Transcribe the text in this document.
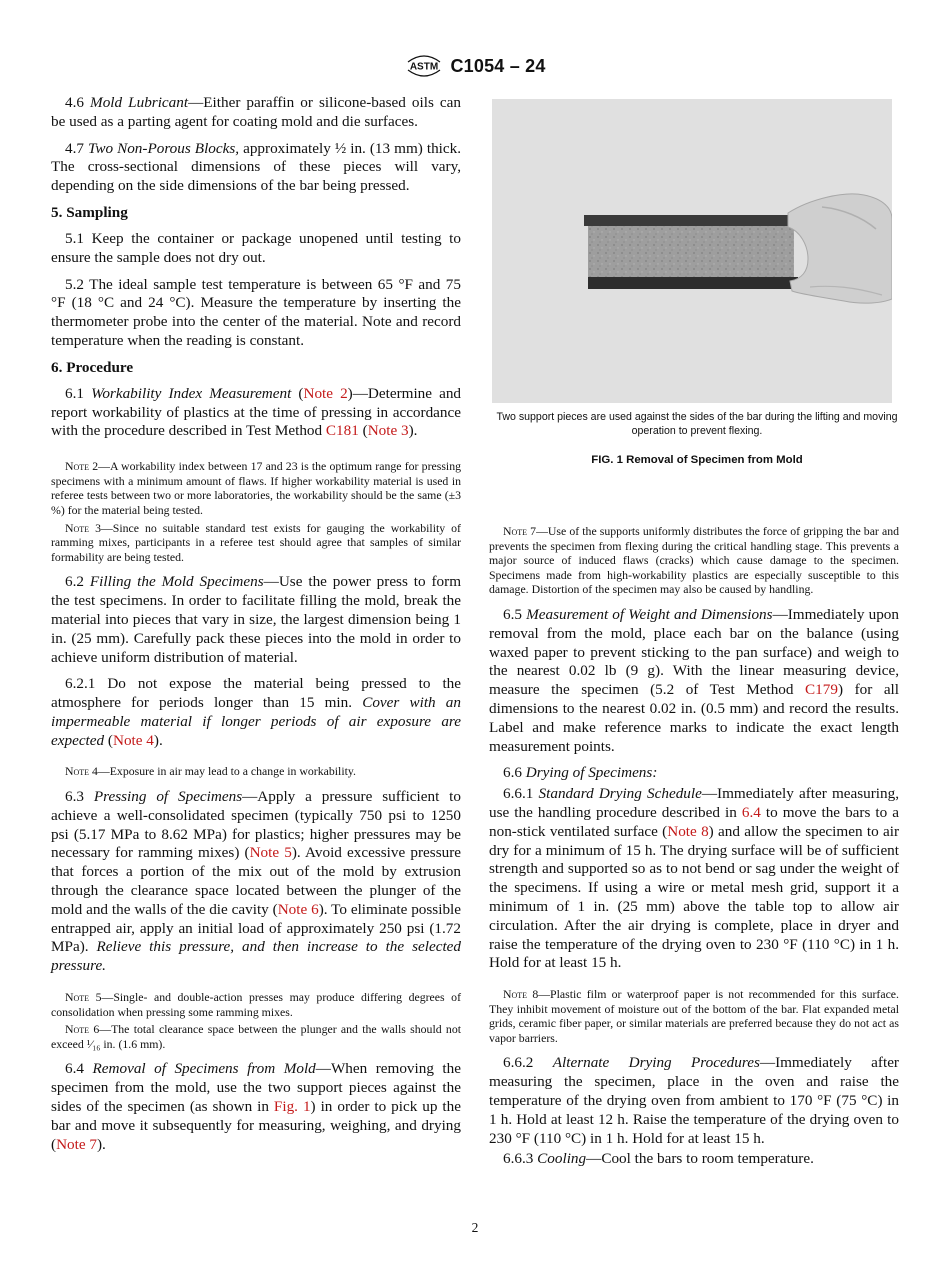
ASTM C1054 – 24

4.6 Mold Lubricant—Either paraffin or silicone-based oils can be used as a parting agent for coating mold and die surfaces.

4.7 Two Non-Porous Blocks, approximately ½ in. (13 mm) thick. The cross-sectional dimensions of these pieces will vary, depending on the side dimensions of the bar being pressed.

5. Sampling

5.1 Keep the container or package unopened until testing to ensure the sample does not dry out.

5.2 The ideal sample test temperature is between 65 °F and 75 °F (18 °C and 24 °C). Measure the temperature by inserting the thermometer probe into the center of the material. Note and record temperature when the reading is constant.

6. Procedure

6.1 Workability Index Measurement (Note 2)—Determine and report workability of plastics at the time of pressing in accordance with the procedure described in Test Method C181 (Note 3).

Note 2—A workability index between 17 and 23 is the optimum range for pressing specimens with a minimum amount of flaws. If higher workability material is used in referee tests between two or more laboratories, the workability should be the same (±3 %) for the material being tested.

Note 3—Since no suitable standard test exists for gauging the workability of ramming mixes, participants in a referee test should agree that samples of similar formability are being tested.

6.2 Filling the Mold Specimens—Use the power press to form the test specimens. In order to facilitate filling the mold, break the material into pieces that vary in size, the largest dimension being 1 in. (25 mm). Carefully pack these pieces into the mold in order to achieve uniform distribution of material.

6.2.1 Do not expose the material being pressed to the atmosphere for periods longer than 15 min. Cover with an impermeable material if longer periods of air exposure are expected (Note 4).

Note 4—Exposure in air may lead to a change in workability.

6.3 Pressing of Specimens—Apply a pressure sufficient to achieve a well-consolidated specimen (typically 750 psi to 1250 psi (5.17 MPa to 8.62 MPa) for plastics; higher pressures may be necessary for ramming mixes) (Note 5). Avoid excessive pressure that forces a portion of the mix out of the mold by extrusion through the clearance space located between the plunger of the mold and the walls of the die cavity (Note 6). To eliminate possible entrapped air, apply an initial load of approximately 250 psi (1.72 MPa). Relieve this pressure, and then increase to the selected pressure.

Note 5—Single- and double-action presses may produce differing degrees of consolidation when pressing some ramming mixes.

Note 6—The total clearance space between the plunger and the walls should not exceed ¹⁄₁₆ in. (1.6 mm).

6.4 Removal of Specimens from Mold—When removing the specimen from the mold, use the two support pieces against the sides of the specimen (as shown in Fig. 1) in order to pick up the bar and move it subsequently for measuring, weighing, and drying (Note 7).

Two support pieces are used against the sides of the bar during the lifting and moving operation to prevent flexing.
FIG. 1 Removal of Specimen from Mold

Note 7—Use of the supports uniformly distributes the force of gripping the bar and prevents the specimen from flexing during the critical handling stage. This prevents a major source of induced flaws (cracks) which cause damage to the specimen. Specimens made from high-workability plastics are especially susceptible to this damage. Distortion of the specimen may also be caused by handling.

6.5 Measurement of Weight and Dimensions—Immediately upon removal from the mold, place each bar on the balance (using waxed paper to prevent sticking to the pan surface) and weigh to the nearest 0.02 lb (9 g). With the linear measuring device, measure the specimen (5.2 of Test Method C179) for all dimensions to the nearest 0.02 in. (0.5 mm) and record the results. Label and make reference marks to indicate the exact length measurement points.

6.6 Drying of Specimens:

6.6.1 Standard Drying Schedule—Immediately after measuring, use the handling procedure described in 6.4 to move the bars to a non-stick ventilated surface (Note 8) and allow the specimen to air dry for a minimum of 15 h. The drying surface will be of sufficient strength and supported so as to not bend or sag under the weight of the specimens. If using a wire or metal mesh grid, support it a minimum of 1 in. (25 mm) above the table top to allow air circulation. After the air drying is complete, place in dryer and raise the temperature of the drying oven to 230 °F (110 °C) in 1 h. Hold for at least 15 h.

Note 8—Plastic film or waterproof paper is not recommended for this surface. They inhibit movement of moisture out of the bottom of the bar. Flat expanded metal grids, ceramic fiber paper, or similar materials are preferred because they do not act as vapor barriers.

6.6.2 Alternate Drying Procedures—Immediately after measuring the specimen, place in the oven and raise the temperature of the drying oven from ambient to 170 °F (75 °C) in 1 h. Hold at least 12 h. Raise the temperature of the drying oven to 230 °F (110 °C) in 1 h. Hold for at least 15 h.

6.6.3 Cooling—Cool the bars to room temperature.

2
